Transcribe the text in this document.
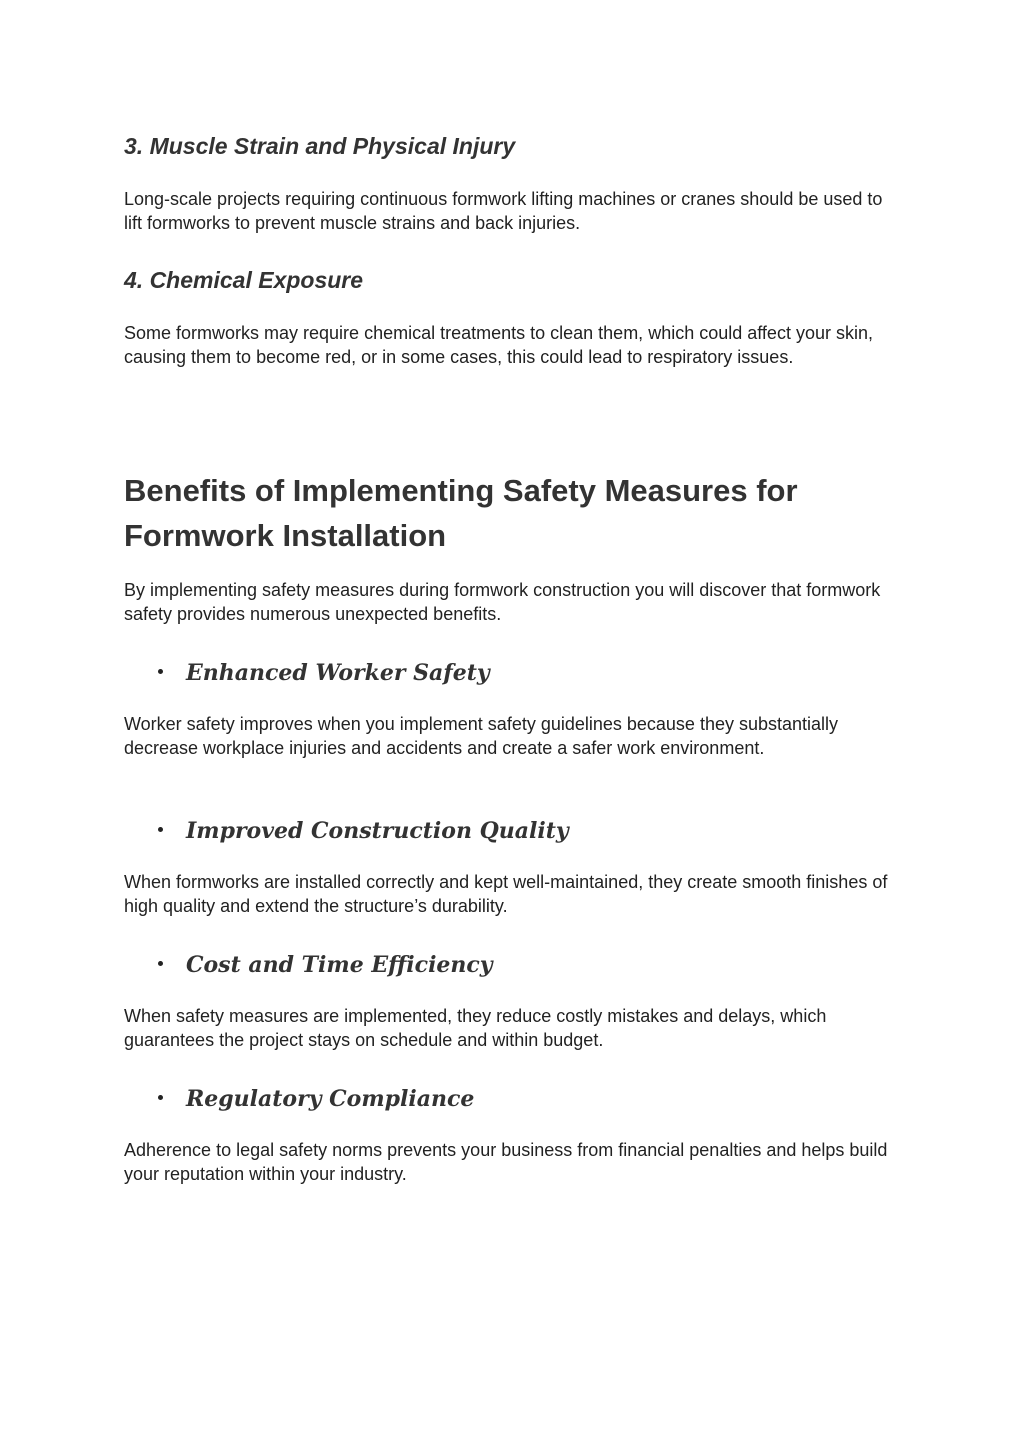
3. Muscle Strain and Physical Injury

Long-scale projects requiring continuous formwork lifting machines or cranes should be used to lift formworks to prevent muscle strains and back injuries.

4. Chemical Exposure

Some formworks may require chemical treatments to clean them, which could affect your skin, causing them to become red, or in some cases, this could lead to respiratory issues.

Benefits of Implementing Safety Measures for Formwork Installation

By implementing safety measures during formwork construction you will discover that formwork safety provides numerous unexpected benefits.

Enhanced Worker Safety

Worker safety improves when you implement safety guidelines because they substantially decrease workplace injuries and accidents and create a safer work environment.

Improved Construction Quality

When formworks are installed correctly and kept well-maintained, they create smooth finishes of high quality and extend the structure’s durability.

Cost and Time Efficiency

When safety measures are implemented, they reduce costly mistakes and delays, which guarantees the project stays on schedule and within budget.

Regulatory Compliance

Adherence to legal safety norms prevents your business from financial penalties and helps build your reputation within your industry.
